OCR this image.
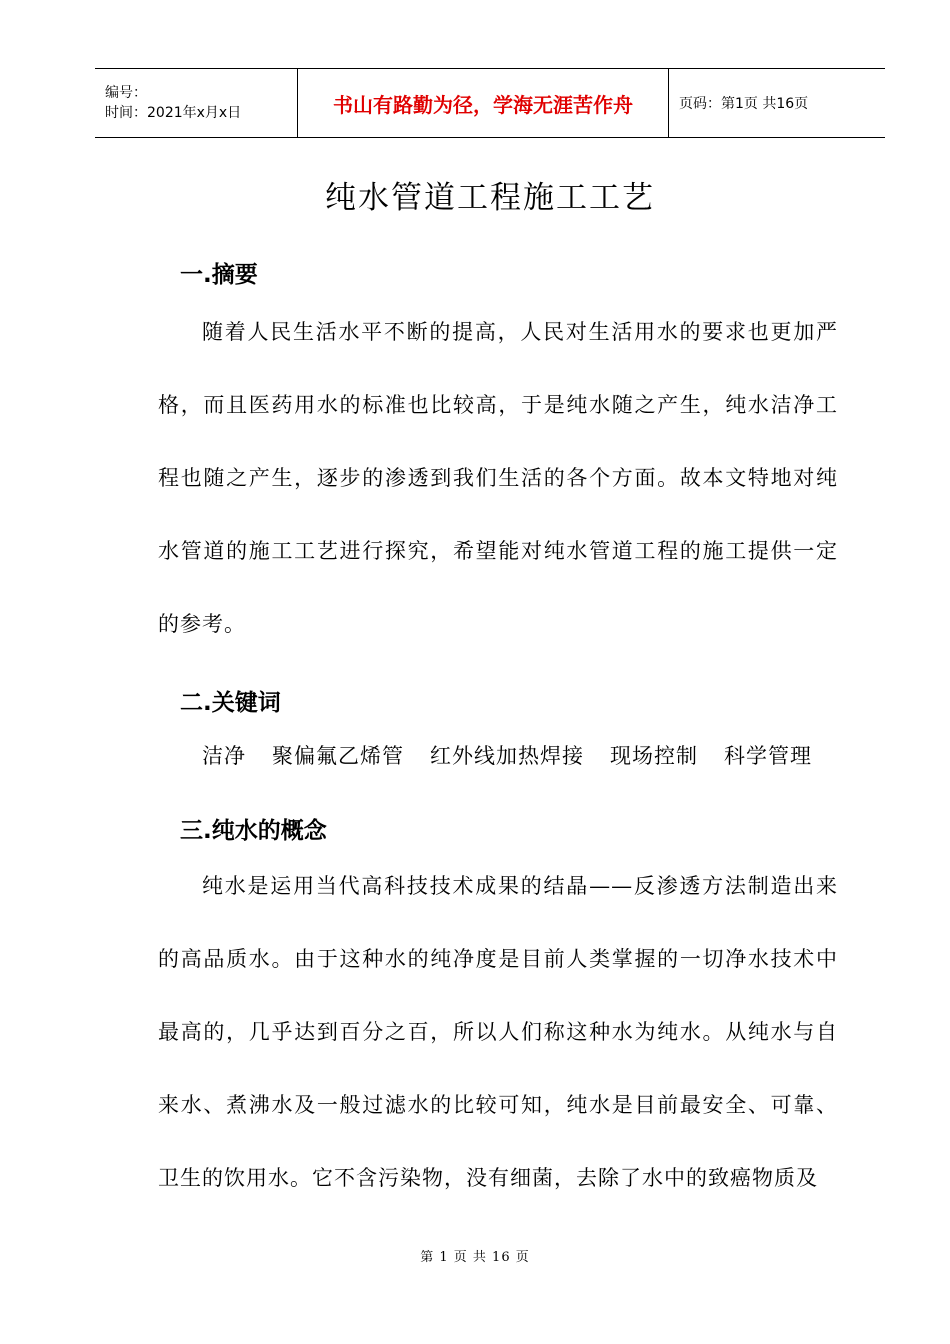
编号：
时间：2021年x月x日	书山有路勤为径，学海无涯苦作舟	页码：第1页 共16页
纯水管道工程施工工艺
一.摘要

随着人民生活水平不断的提高，人民对生活用水的要求也更加严格，而且医药用水的标准也比较高，于是纯水随之产生，纯水洁净工程也随之产生，逐步的渗透到我们生活的各个方面。故本文特地对纯水管道的施工工艺进行探究，希望能对纯水管道工程的施工提供一定的参考。

二.关键词
洁净 聚偏氟乙烯管 红外线加热焊接 现场控制 科学管理
三.纯水的概念

纯水是运用当代高科技技术成果的结晶——反渗透方法制造出来的高品质水。由于这种水的纯净度是目前人类掌握的一切净水技术中最高的，几乎达到百分之百，所以人们称这种水为纯水。从纯水与自来水、煮沸水及一般过滤水的比较可知，纯水是目前最安全、可靠、卫生的饮用水。它不含污染物，没有细菌，去除了水中的致癌物质及

第 1 页 共 16 页
